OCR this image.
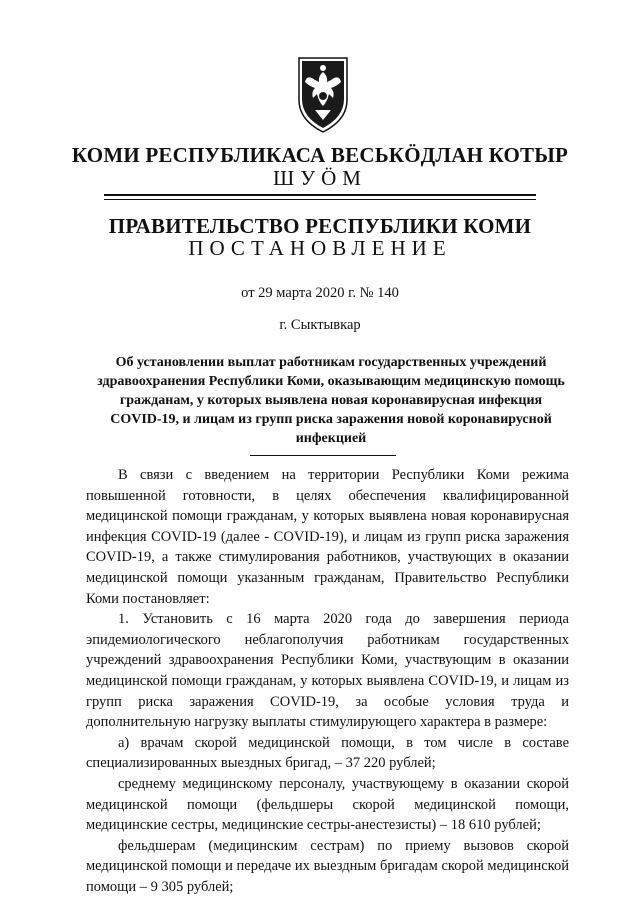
КОМИ РЕСПУБЛИКАСА ВЕСЬКÖДЛАН КОТЫР
ШУÖМ
ПРАВИТЕЛЬСТВО РЕСПУБЛИКИ КОМИ
ПОСТАНОВЛЕНИЕ
от 29 марта 2020 г. № 140
г. Сыктывкар
Об установлении выплат работникам государственных учреждений здравоохранения Республики Коми, оказывающим медицинскую помощь гражданам, у которых выявлена новая коронавирусная инфекция COVID-19, и лицам из групп риска заражения новой коронавирусной инфекцией

В связи с введением на территории Республики Коми режима повышенной готовности, в целях обеспечения квалифицированной медицинской помощи гражданам, у которых выявлена новая коронавирусная инфекция COVID-19 (далее - COVID-19), и лицам из групп риска заражения COVID-19, а также стимулирования работников, участвующих в оказании медицинской помощи указанным гражданам, Правительство Республики Коми постановляет:

1. Установить с 16 марта 2020 года до завершения периода эпидемиологического неблагополучия работникам государственных учреждений здравоохранения Республики Коми, участвующим в оказании медицинской помощи гражданам, у которых выявлена COVID-19, и лицам из групп риска заражения COVID-19, за особые условия труда и дополнительную нагрузку выплаты стимулирующего характера в размере:

а) врачам скорой медицинской помощи, в том числе в составе специализированных выездных бригад, – 37 220 рублей;

среднему медицинскому персоналу, участвующему в оказании скорой медицинской помощи (фельдшеры скорой медицинской помощи, медицинские сестры, медицинские сестры-анестезисты) – 18 610 рублей;

фельдшерам (медицинским сестрам) по приему вызовов скорой медицинской помощи и передаче их выездным бригадам скорой медицинской помощи – 9 305 рублей;
